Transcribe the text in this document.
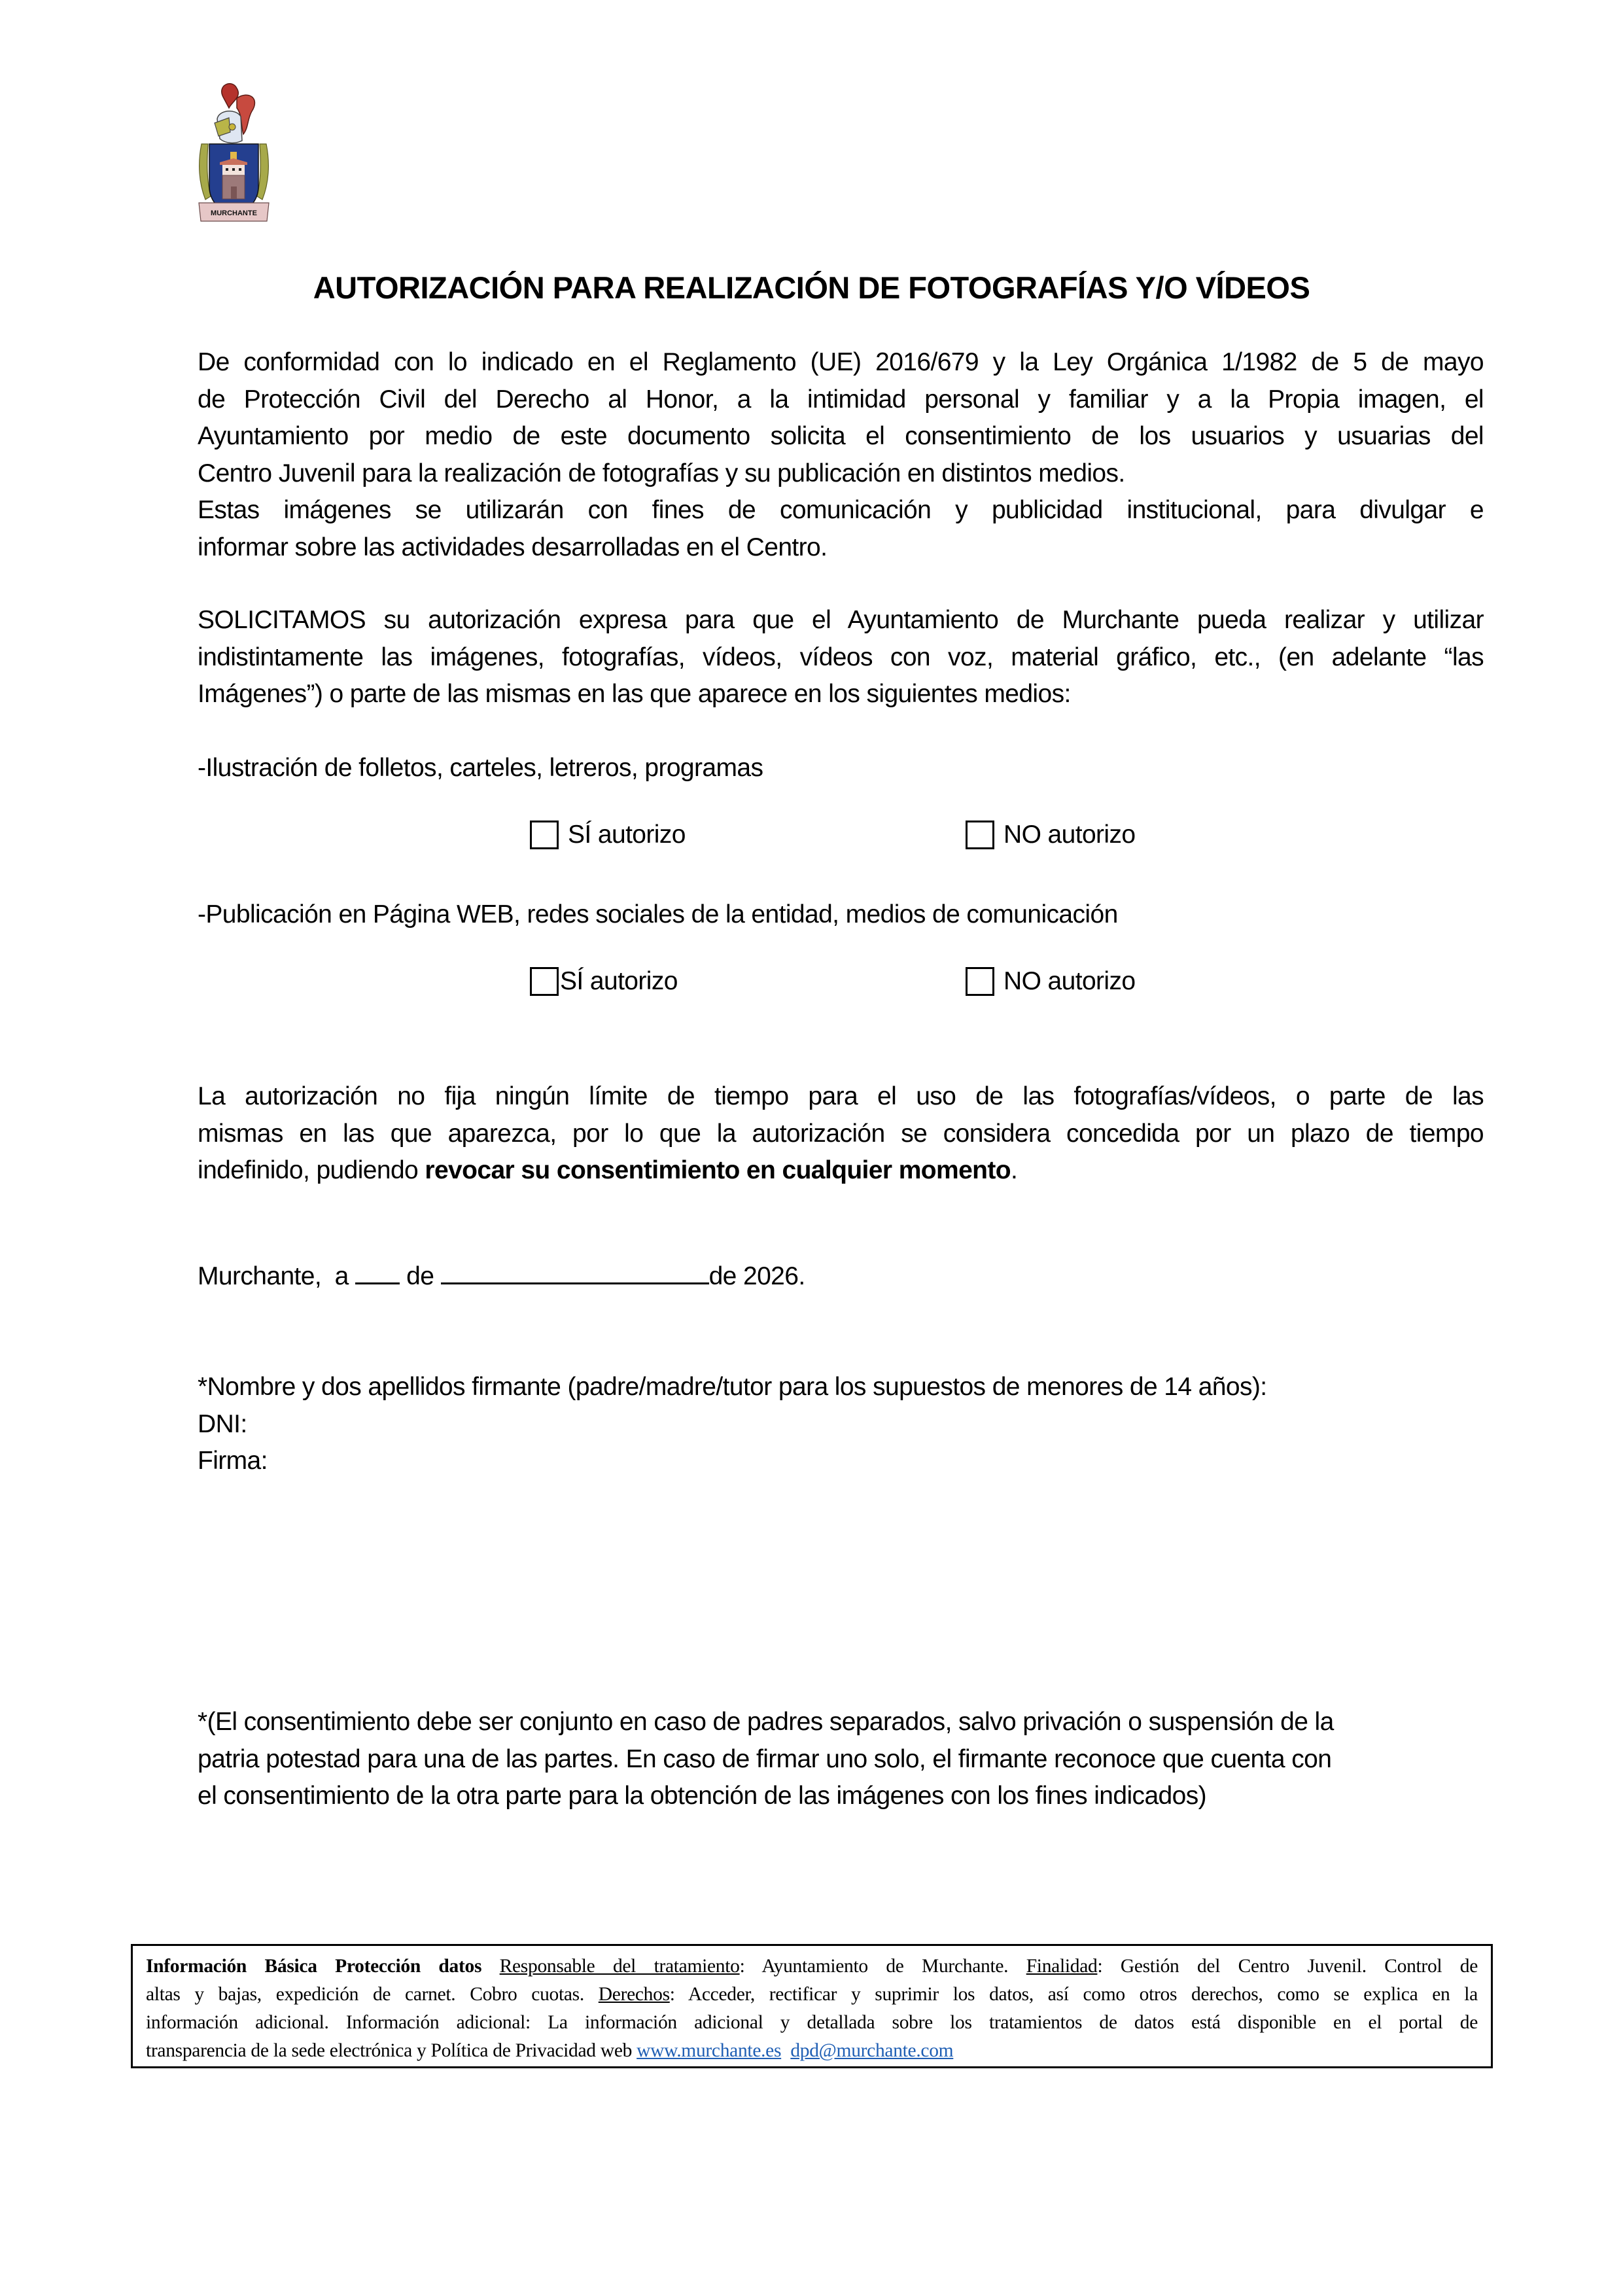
MURCHANTE
AUTORIZACIÓN PARA REALIZACIÓN DE FOTOGRAFÍAS Y/O VÍDEOS
De conformidad con lo indicado en el Reglamento (UE) 2016/679 y la Ley Orgánica 1/1982 de 5 de mayo
de Protección Civil del Derecho al Honor, a la intimidad personal y familiar y a la Propia imagen, el
Ayuntamiento por medio de este documento solicita el consentimiento de los usuarios y usuarias del
Centro Juvenil para la realización de fotografías y su publicación en distintos medios.
Estas imágenes se utilizarán con fines de comunicación y publicidad institucional, para divulgar e
informar sobre las actividades desarrolladas en el Centro.
SOLICITAMOS su autorización expresa para que el Ayuntamiento de Murchante pueda realizar y utilizar
indistintamente las imágenes, fotografías, vídeos, vídeos con voz, material gráfico, etc., (en adelante “las
Imágenes”) o parte de las mismas en las que aparece en los siguientes medios:
-Ilustración de folletos, carteles, letreros, programas
SÍ autorizo	NO autorizo
-Publicación en Página WEB, redes sociales de la entidad, medios de comunicación
SÍ autorizo	NO autorizo
La autorización no fija ningún límite de tiempo para el uso de las fotografías/vídeos, o parte de las
mismas en las que aparezca, por lo que la autorización se considera concedida por un plazo de tiempo
indefinido, pudiendo revocar su consentimiento en cualquier momento.
Murchante,  a  de	de 2026.
*Nombre y dos apellidos firmante (padre/madre/tutor para los supuestos de menores de 14 años):
DNI:
Firma:
*(El consentimiento debe ser conjunto en caso de padres separados, salvo privación o suspensión de la
patria potestad para una de las partes. En caso de firmar uno solo, el firmante reconoce que cuenta con
el consentimiento de la otra parte para la obtención de las imágenes con los fines indicados)
Información Básica Protección datos Responsable del tratamiento: Ayuntamiento de Murchante. Finalidad: Gestión del Centro Juvenil. Control de
altas y bajas, expedición de carnet. Cobro cuotas. Derechos: Acceder, rectificar y suprimir los datos, así como otros derechos, como se explica en la
información adicional. Información adicional: La información adicional y detallada sobre los tratamientos de datos está disponible en el portal de
transparencia de la sede electrónica y Política de Privacidad web www.murchante.es dpd@murchante.com
